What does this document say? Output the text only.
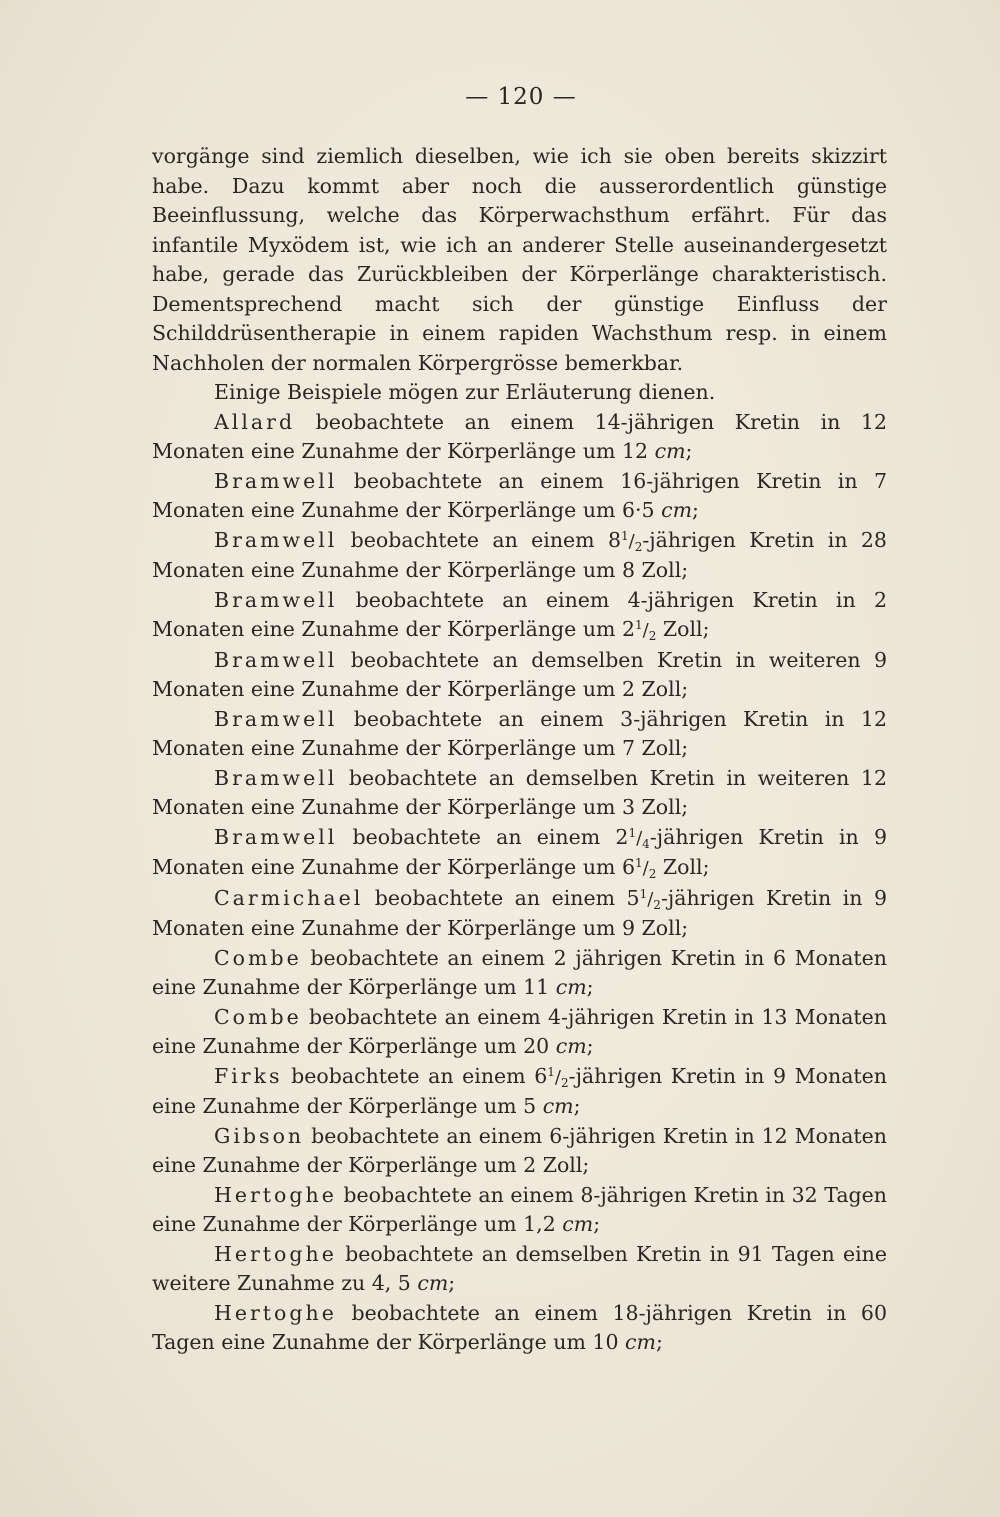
— 120 —

vorgänge sind ziemlich dieselben, wie ich sie oben bereits skizzirt habe. Dazu kommt aber noch die ausserordentlich günstige Beeinflussung, welche das Körperwachsthum erfährt. Für das infantile Myxödem ist, wie ich an anderer Stelle auseinandergesetzt habe, gerade das Zurückbleiben der Körperlänge charakteristisch. Dementsprechend macht sich der günstige Einfluss der Schilddrüsentherapie in einem rapiden Wachsthum resp. in einem Nachholen der normalen Körpergrösse bemerkbar.

Einige Beispiele mögen zur Erläuterung dienen.

Allard beobachtete an einem 14-jährigen Kretin in 12 Monaten eine Zunahme der Körperlänge um 12 cm;

Bramwell beobachtete an einem 16-jährigen Kretin in 7 Monaten eine Zunahme der Körperlänge um 6·5 cm;

Bramwell beobachtete an einem $8^1/_2$-jährigen Kretin in 28 Monaten eine Zunahme der Körperlänge um 8 Zoll;

Bramwell beobachtete an einem 4-jährigen Kretin in 2 Monaten eine Zunahme der Körperlänge um $2^1/_2$ Zoll;

Bramwell beobachtete an demselben Kretin in weiteren 9 Monaten eine Zunahme der Körperlänge um 2 Zoll;

Bramwell beobachtete an einem 3-jährigen Kretin in 12 Monaten eine Zunahme der Körperlänge um 7 Zoll;

Bramwell beobachtete an demselben Kretin in weiteren 12 Monaten eine Zunahme der Körperlänge um 3 Zoll;

Bramwell beobachtete an einem $2^1/_4$-jährigen Kretin in 9 Monaten eine Zunahme der Körperlänge um $6^1/_2$ Zoll;

Carmichael beobachtete an einem $5^1/_2$-jährigen Kretin in 9 Monaten eine Zunahme der Körperlänge um 9 Zoll;

Combe beobachtete an einem 2 jährigen Kretin in 6 Monaten eine Zunahme der Körperlänge um 11 cm;

Combe beobachtete an einem 4-jährigen Kretin in 13 Monaten eine Zunahme der Körperlänge um 20 cm;

Firks beobachtete an einem $6^1/_2$-jährigen Kretin in 9 Monaten eine Zunahme der Körperlänge um 5 cm;

Gibson beobachtete an einem 6-jährigen Kretin in 12 Monaten eine Zunahme der Körperlänge um 2 Zoll;

Hertoghe beobachtete an einem 8-jährigen Kretin in 32 Tagen eine Zunahme der Körperlänge um 1,2 cm;

Hertoghe beobachtete an demselben Kretin in 91 Tagen eine weitere Zunahme zu 4, 5 cm;

Hertoghe beobachtete an einem 18-jährigen Kretin in 60 Tagen eine Zunahme der Körperlänge um 10 cm;
